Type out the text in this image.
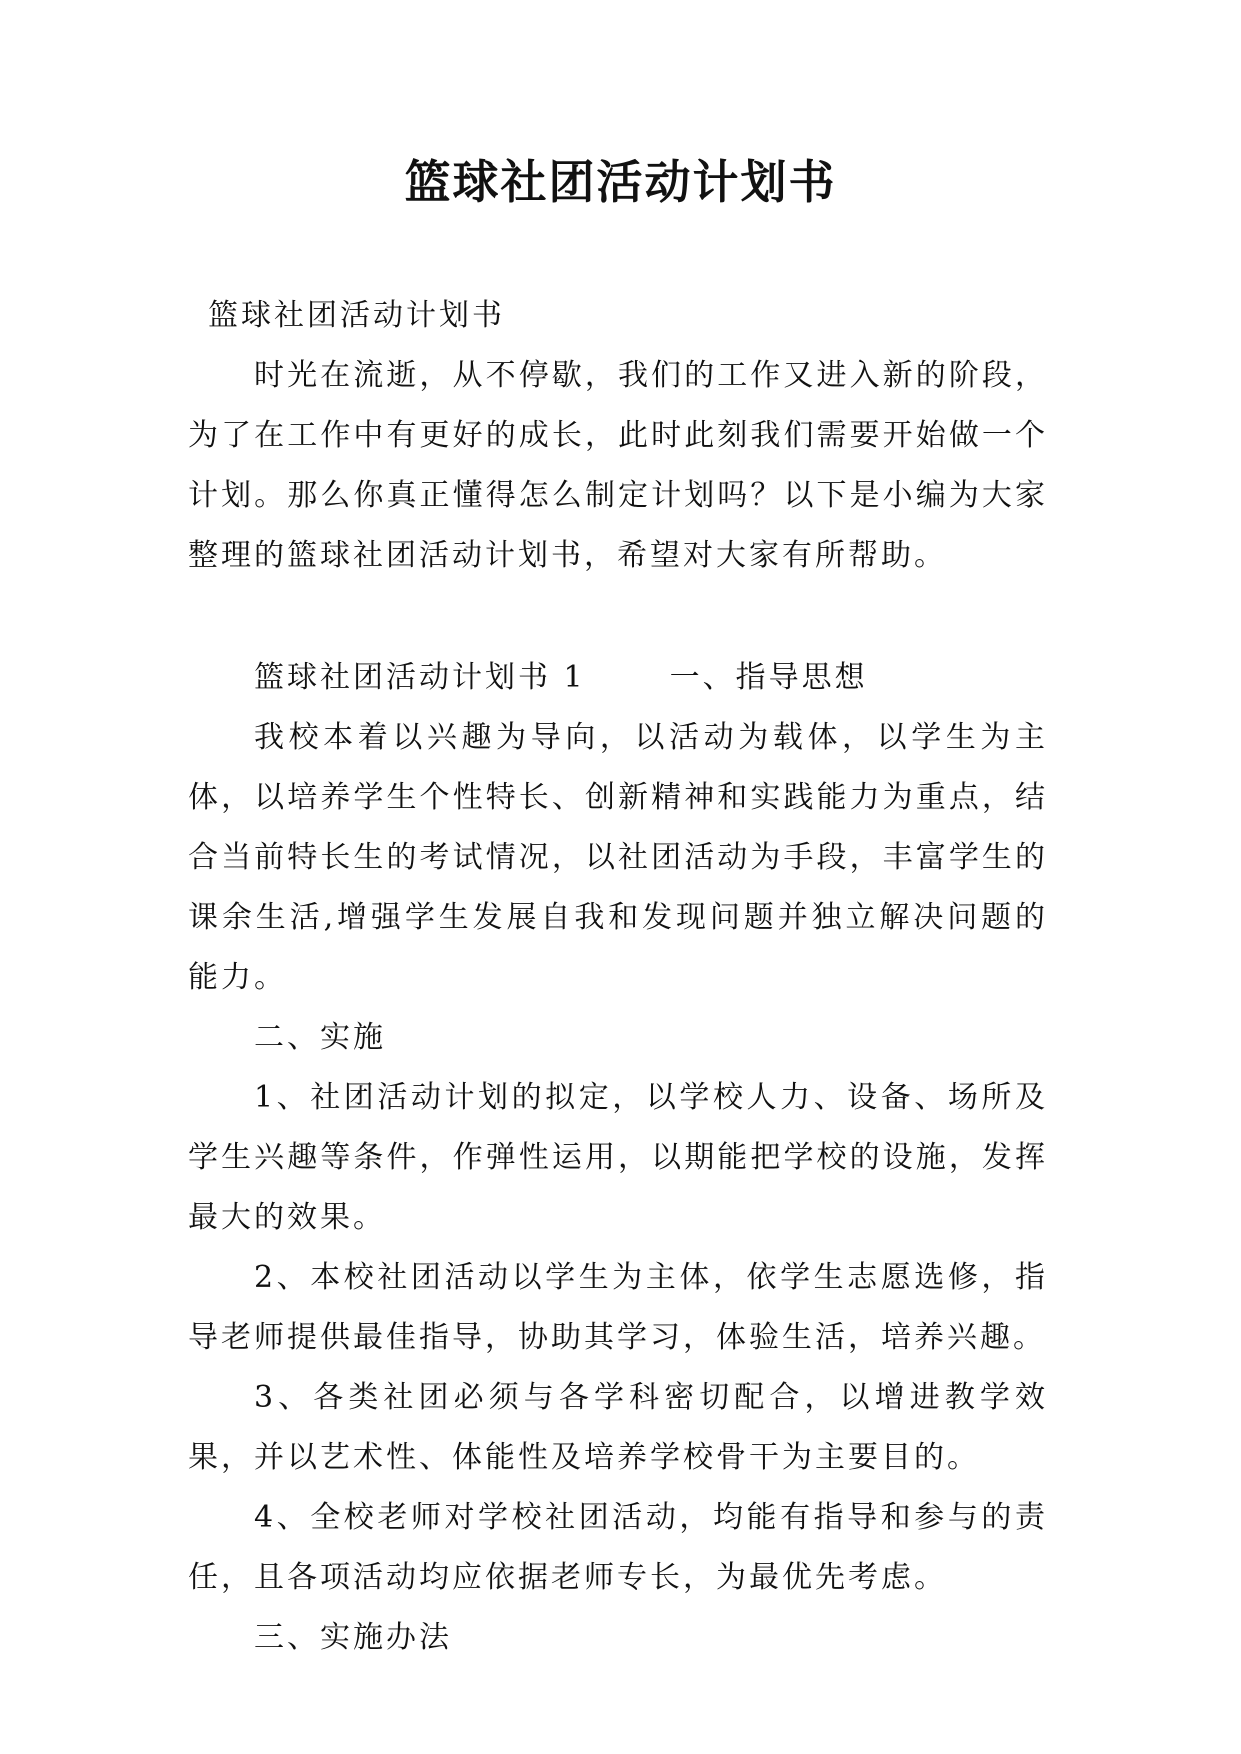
篮球社团活动计划书

篮球社团活动计划书

时光在流逝，从不停歇，我们的工作又进入新的阶段，为了在工作中有更好的成长，此时此刻我们需要开始做一个计划。那么你真正懂得怎么制定计划吗？以下是小编为大家整理的篮球社团活动计划书，希望对大家有所帮助。

篮球社团活动计划书 1	一、指导思想

我校本着以兴趣为导向，以活动为载体，以学生为主体，以培养学生个性特长、创新精神和实践能力为重点，结合当前特长生的考试情况，以社团活动为手段，丰富学生的课余生活,增强学生发展自我和发现问题并独立解决问题的能力。

二、实施

1、社团活动计划的拟定，以学校人力、设备、场所及学生兴趣等条件，作弹性运用，以期能把学校的设施，发挥最大的效果。

2、本校社团活动以学生为主体，依学生志愿选修，指导老师提供最佳指导，协助其学习，体验生活，培养兴趣。

3、各类社团必须与各学科密切配合，以增进教学效果，并以艺术性、体能性及培养学校骨干为主要目的。

4、全校老师对学校社团活动，均能有指导和参与的责任，且各项活动均应依据老师专长，为最优先考虑。

三、实施办法
